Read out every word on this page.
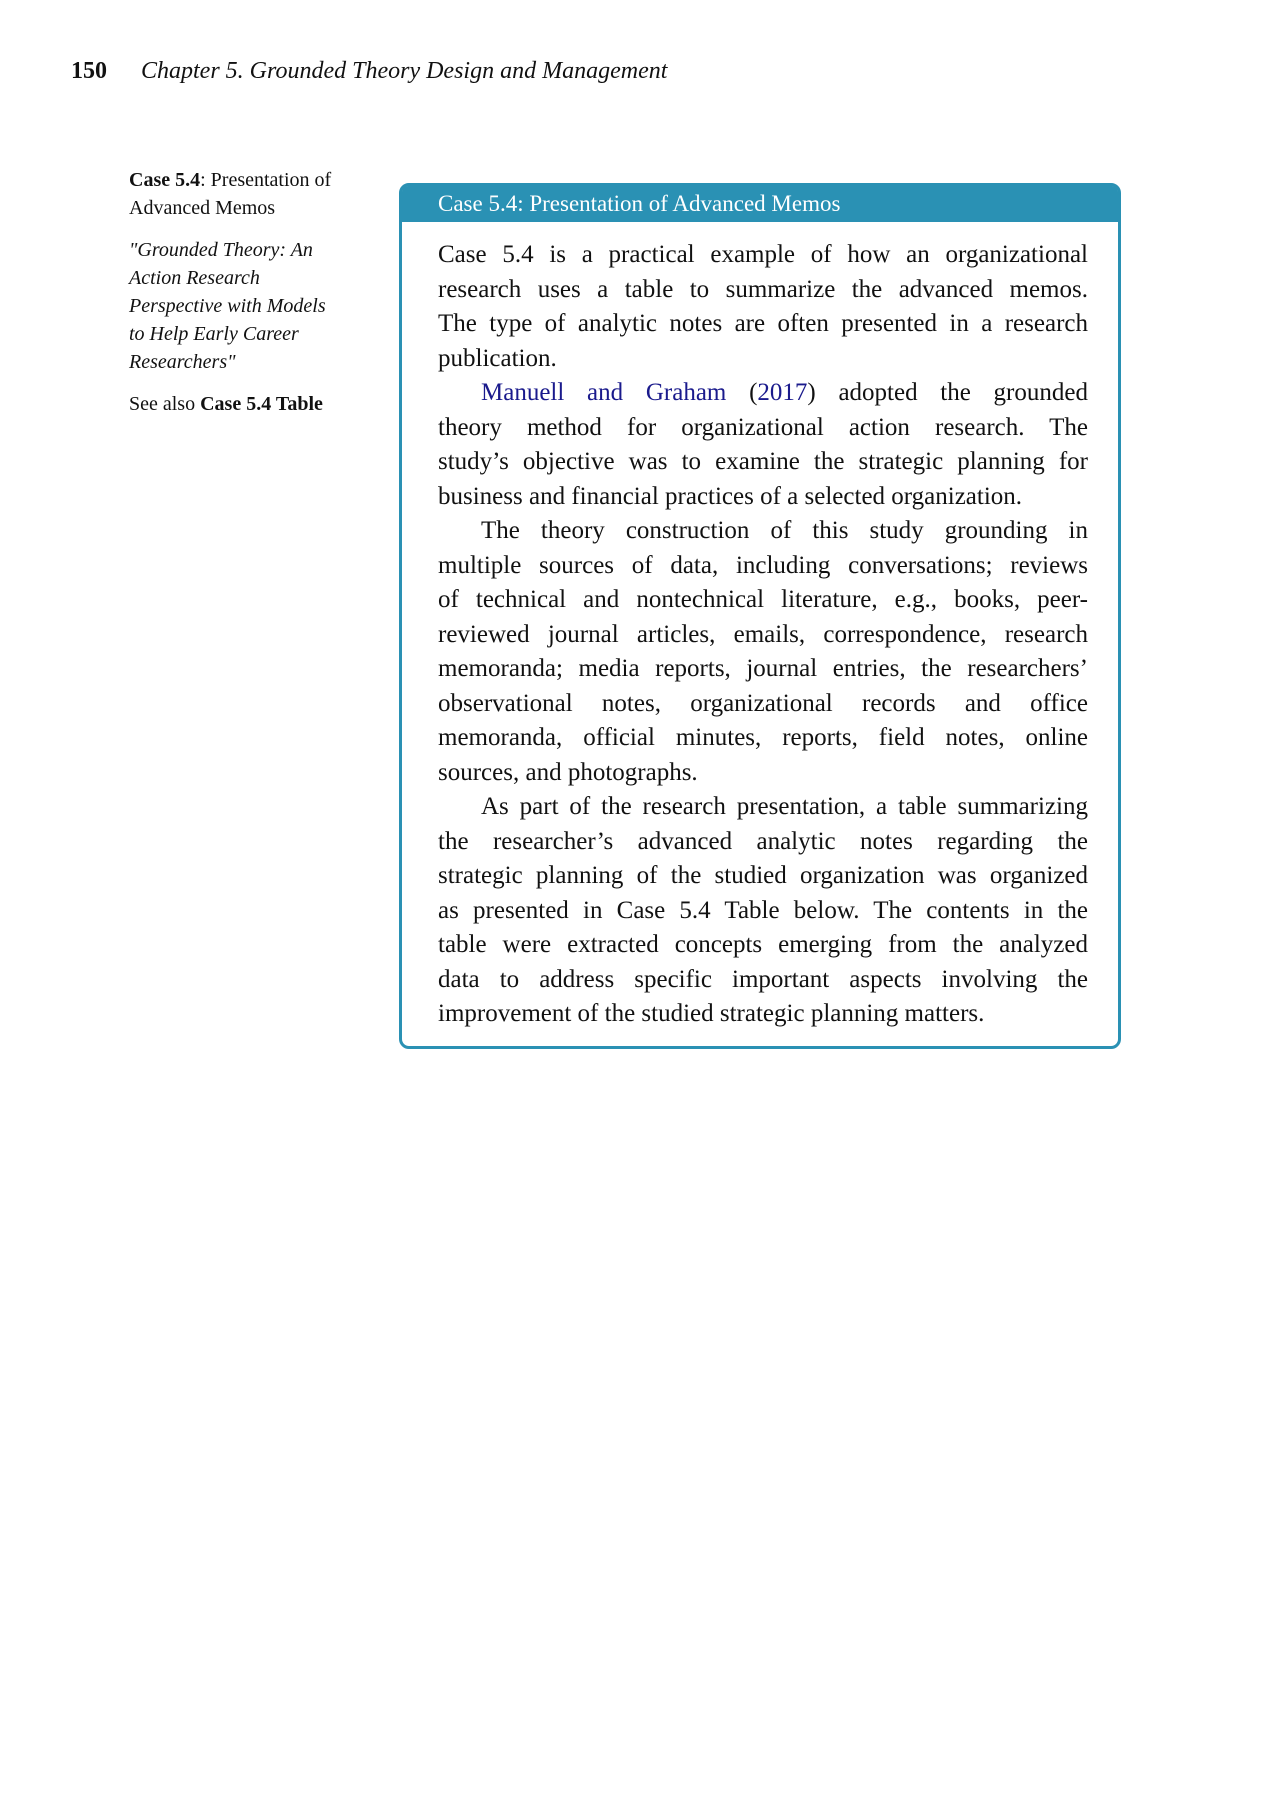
150 Chapter 5. Grounded Theory Design and Management

Case 5.4: Presentation of Advanced Memos

"Grounded Theory: An Action Research Perspective with Models to Help Early Career Researchers"

See also Case 5.4 Table

Case 5.4: Presentation of Advanced Memos
Case 5.4 is a practical example of how an organizational
research uses a table to summarize the advanced memos.
The type of analytic notes are often presented in a research
publication.
Manuell and Graham (2017) adopted the grounded
theory method for organizational action research. The
study’s objective was to examine the strategic planning for
business and financial practices of a selected organization.
The theory construction of this study grounding in
multiple sources of data, including conversations; reviews
of technical and nontechnical literature, e.g., books, peer-
reviewed journal articles, emails, correspondence, research
memoranda; media reports, journal entries, the researchers’
observational notes, organizational records and office
memoranda, official minutes, reports, field notes, online
sources, and photographs.
As part of the research presentation, a table summarizing
the researcher’s advanced analytic notes regarding the
strategic planning of the studied organization was organized
as presented in Case 5.4 Table below. The contents in the
table were extracted concepts emerging from the analyzed
data to address specific important aspects involving the
improvement of the studied strategic planning matters.
